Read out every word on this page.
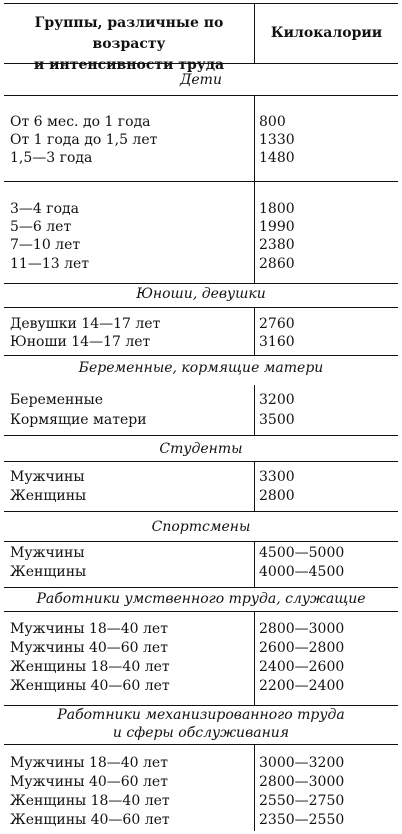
Группы, различные по возрасту
и интенсивности труда
Килокалории
Дети
От 6 мес. до 1 года	800
От 1 года до 1,5 лет	1330
1,5—3 года	1480
3—4 года	1800
5—6 лет	1990
7—10 лет	2380
11—13 лет	2860
Юноши, девушки
Девушки 14—17 лет	2760
Юноши 14—17 лет	3160
Беременные, кормящие матери
Беременные	3200
Кормящие матери	3500
Студенты
Мужчины	3300
Женщины	2800
Спортсмены
Мужчины	4500—5000
Женщины	4000—4500
Работники умственного труда, служащие
Мужчины 18—40 лет	2800—3000
Мужчины 40—60 лет	2600—2800
Женщины 18—40 лет	2400—2600
Женщины 40—60 лет	2200—2400
Работники механизированного труда
и сферы обслуживания
Мужчины 18—40 лет	3000—3200
Мужчины 40—60 лет	2800—3000
Женщины 18—40 лет	2550—2750
Женщины 40—60 лет	2350—2550
